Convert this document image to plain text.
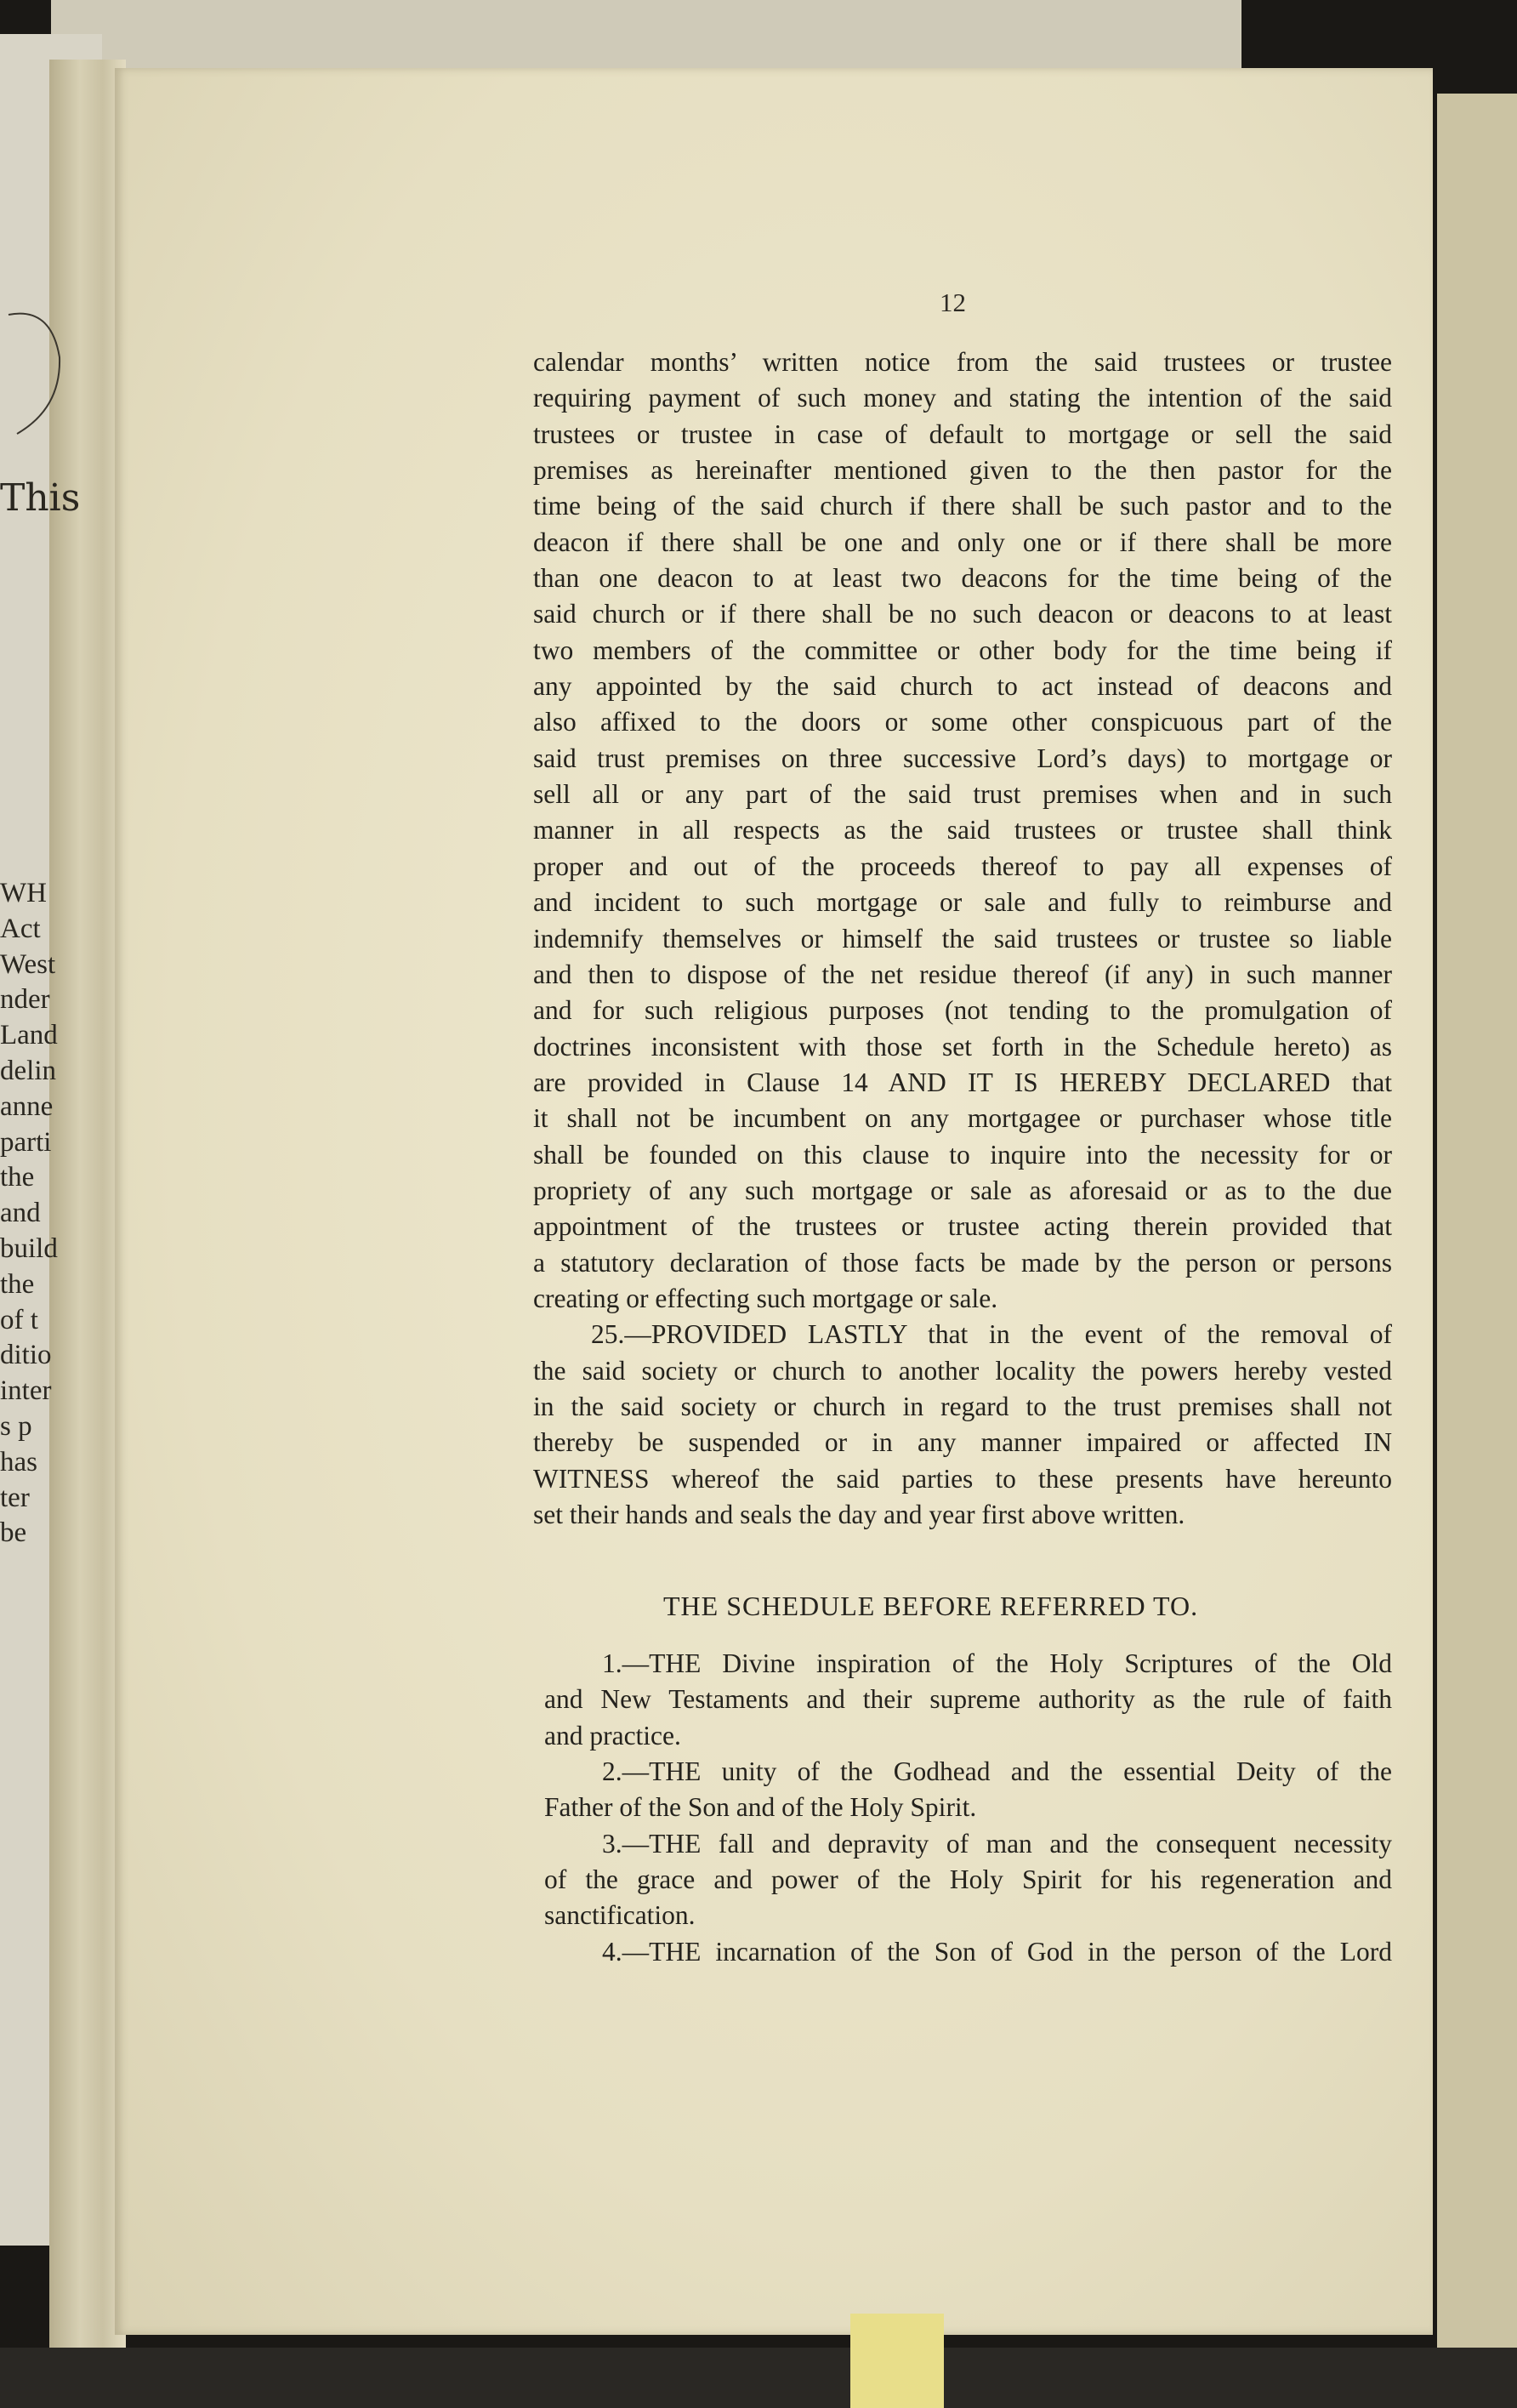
This
WH
Act
West
nder
Land
delin
anne
parti
the
and
build
the
of t
ditio
inter
s p
has
ter
be
12
calendar months’ written notice from the said trustees or trustee
requiring payment of such money and stating the intention of the said
trustees or trustee in case of default to mortgage or sell the said
premises as hereinafter mentioned given to the then pastor for the
time being of the said church if there shall be such pastor and to the
deacon if there shall be one and only one or if there shall be more
than one deacon to at least two deacons for the time being of the
said church or if there shall be no such deacon or deacons to at least
two members of the committee or other body for the time being if
any appointed by the said church to act instead of deacons and
also affixed to the doors or some other conspicuous part of the
said trust premises on three successive Lord’s days) to mortgage or
sell all or any part of the said trust premises when and in such
manner in all respects as the said trustees or trustee shall think
proper and out of the proceeds thereof to pay all expenses of
and incident to such mortgage or sale and fully to reimburse and
indemnify themselves or himself the said trustees or trustee so liable
and then to dispose of the net residue thereof (if any) in such manner
and for such religious purposes (not tending to the promulgation of
doctrines inconsistent with those set forth in the Schedule hereto) as
are provided in Clause 14 AND IT IS HEREBY DECLARED that
it shall not be incumbent on any mortgagee or purchaser whose title
shall be founded on this clause to inquire into the necessity for or
propriety of any such mortgage or sale as aforesaid or as to the due
appointment of the trustees or trustee acting therein provided that
a statutory declaration of those facts be made by the person or persons
creating or effecting such mortgage or sale.
25.—PROVIDED LASTLY that in the event of the removal of
the said society or church to another locality the powers hereby vested
in the said society or church in regard to the trust premises shall not
thereby be suspended or in any manner impaired or affected IN
WITNESS whereof the said parties to these presents have hereunto
set their hands and seals the day and year first above written.
THE SCHEDULE BEFORE REFERRED TO.
1.—THE Divine inspiration of the Holy Scriptures of the Old
and New Testaments and their supreme authority as the rule of faith
and practice.
2.—THE unity of the Godhead and the essential Deity of the
Father of the Son and of the Holy Spirit.
3.—THE fall and depravity of man and the consequent necessity
of the grace and power of the Holy Spirit for his regeneration and
sanctification.
4.—THE incarnation of the Son of God in the person of the Lord
